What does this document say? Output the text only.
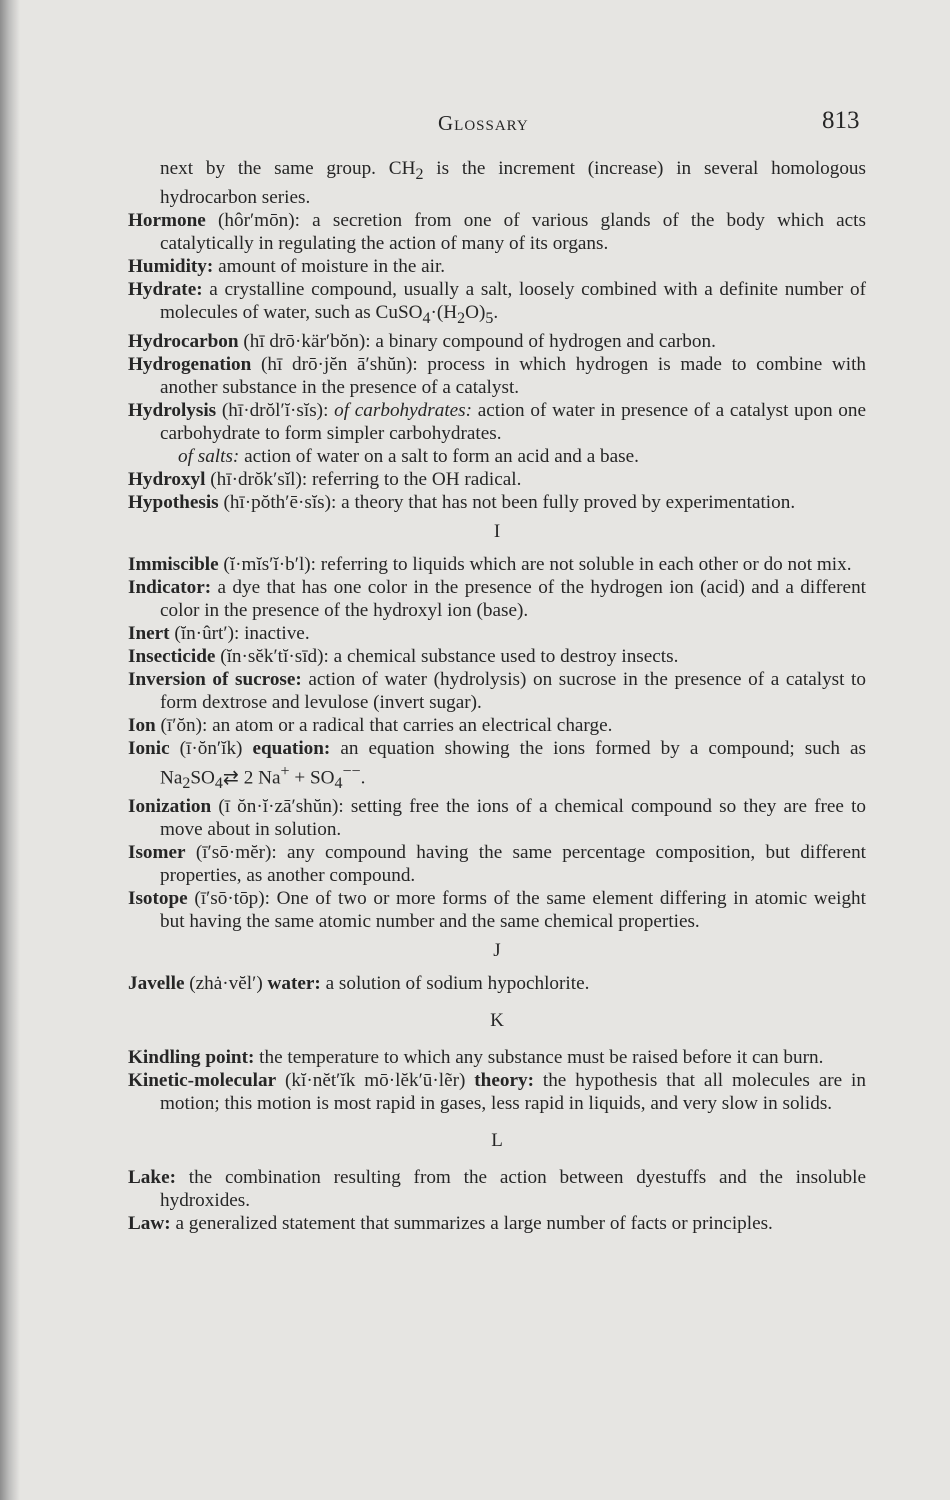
Glossary	813

next by the same group. $CH_2$ is the increment (increase) in several homologous hydrocarbon series.

Hormone (hôr′mōn): a secretion from one of various glands of the body which acts catalytically in regulating the action of many of its organs.

Humidity: amount of moisture in the air.

Hydrate: a crystalline compound, usually a salt, loosely combined with a definite number of molecules of water, such as $CuSO_4\cdot(H_2O)_5$.

Hydrocarbon (hī drō·kär′bŏn): a binary compound of hydrogen and carbon.

Hydrogenation (hī drō·jĕn ā′shŭn): process in which hydrogen is made to combine with another substance in the presence of a catalyst.

Hydrolysis (hī·drŏl′ĭ·sĭs): of carbohydrates: action of water in presence of a catalyst upon one carbohydrate to form simpler carbohydrates.

of salts: action of water on a salt to form an acid and a base.

Hydroxyl (hī·drŏk′sĭl): referring to the OH radical.

Hypothesis (hī·pŏth′ē·sĭs): a theory that has not been fully proved by experimentation.

I

Immiscible (ĭ·mĭs′ĭ·b′l): referring to liquids which are not soluble in each other or do not mix.

Indicator: a dye that has one color in the presence of the hydrogen ion (acid) and a different color in the presence of the hydroxyl ion (base).

Inert (ĭn·ûrt′): inactive.

Insecticide (ĭn·sĕk′tĭ·sīd): a chemical substance used to destroy insects.

Inversion of sucrose: action of water (hydrolysis) on sucrose in the presence of a catalyst to form dextrose and levulose (invert sugar).

Ion (ī′ŏn): an atom or a radical that carries an electrical charge.

Ionic (ī·ŏn′ĭk) equation: an equation showing the ions formed by a compound; such as $Na_2SO_4⇄$ 2 $Na^+ + SO_4^{--}$.

Ionization (ī ŏn·ĭ·zā′shŭn): setting free the ions of a chemical compound so they are free to move about in solution.

Isomer (ī′sō·mĕr): any compound having the same percentage composition, but different properties, as another compound.

Isotope (ī′sō·tōp): One of two or more forms of the same element differing in atomic weight but having the same atomic number and the same chemical properties.

J

Javelle (zhȧ·vĕl′) water: a solution of sodium hypochlorite.

K

Kindling point: the temperature to which any substance must be raised before it can burn.

Kinetic-molecular (kĭ·nĕt′ĭk mō·lĕk′ū·lẽr) theory: the hypothesis that all molecules are in motion; this motion is most rapid in gases, less rapid in liquids, and very slow in solids.

L

Lake: the combination resulting from the action between dyestuffs and the insoluble hydroxides.

Law: a generalized statement that summarizes a large number of facts or principles.
